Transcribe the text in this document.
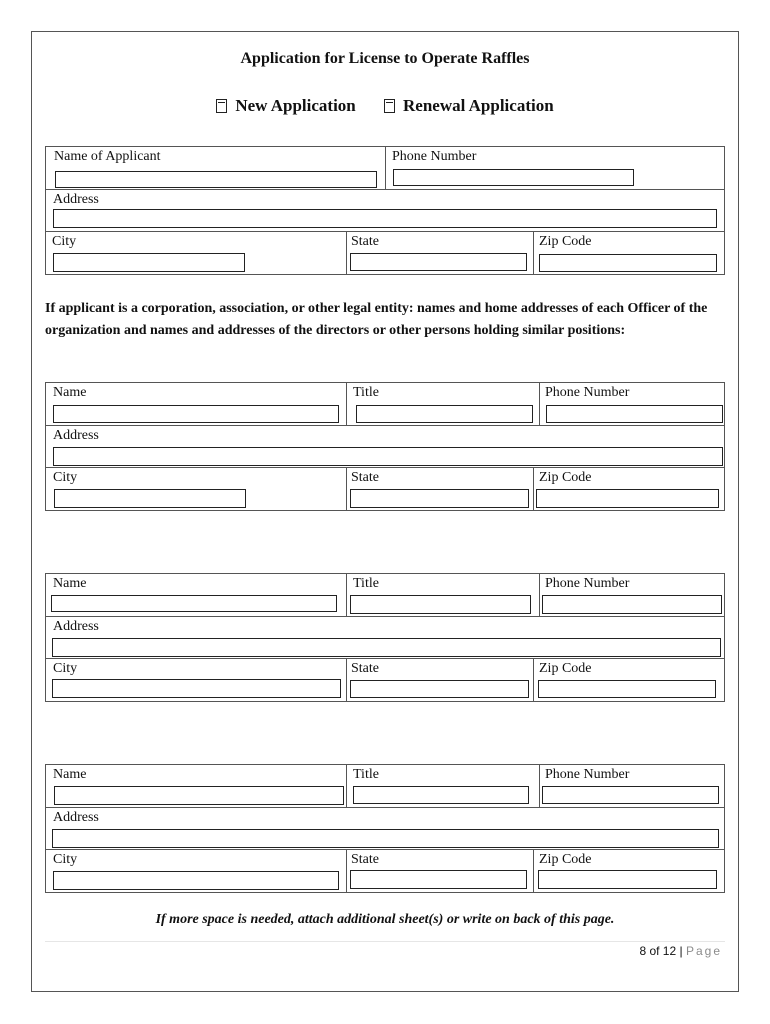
Application for License to Operate Raffles
New Application	Renewal Application
Name of Applicant	Phone Number
Address
City	State	Zip Code
If applicant is a corporation, association, or other legal entity: names and home addresses of each Officer of the organization and names and addresses of the directors or other persons holding similar positions:
Name	Title	Phone Number
Address
City	State	Zip Code
Name	Title	Phone Number
Address
City	State	Zip Code
Name	Title	Phone Number
Address
City	State	Zip Code
If more space is needed, attach additional sheet(s) or write on back of this page.
8 of 12 | Page
